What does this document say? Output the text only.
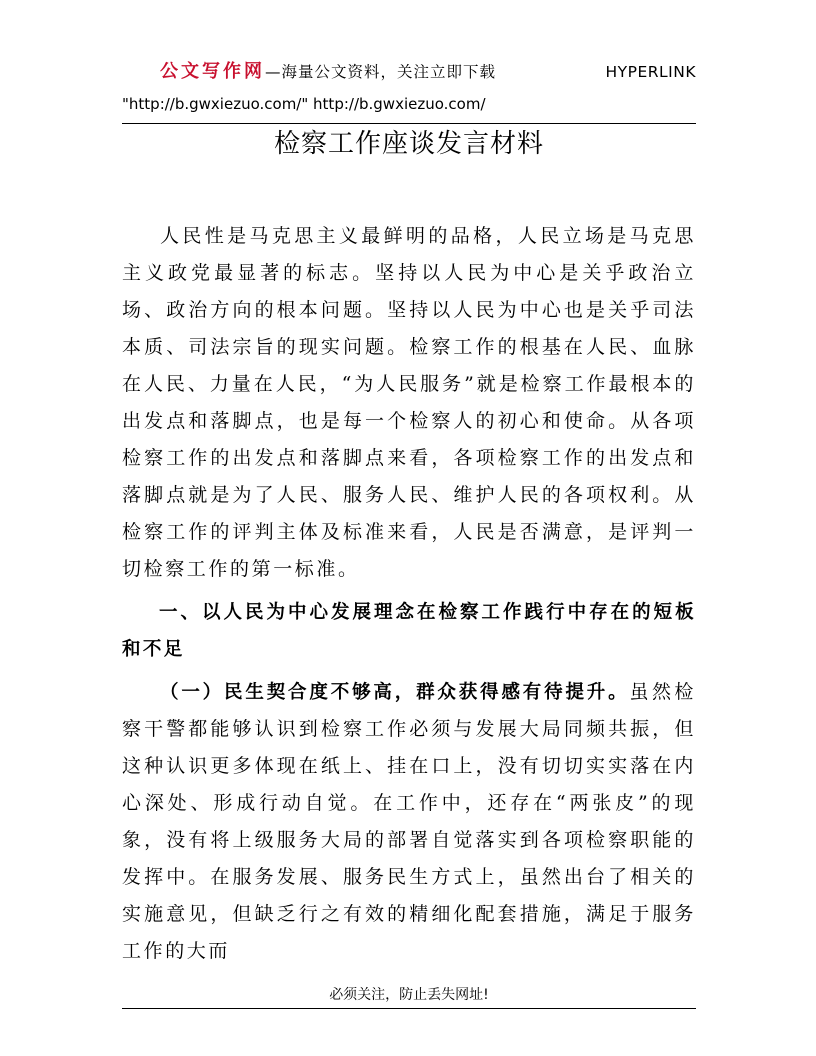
公文写作网—海量公文资料，关注立即下载	HYPERLINK
"http://b.gwxiezuo.com/" http://b.gwxiezuo.com/
检察工作座谈发言材料

人民性是马克思主义最鲜明的品格，人民立场是马克思主义政党最显著的标志。坚持以人民为中心是关乎政治立场、政治方向的根本问题。坚持以人民为中心也是关乎司法本质、司法宗旨的现实问题。检察工作的根基在人民、血脉在人民、力量在人民，“为人民服务”就是检察工作最根本的出发点和落脚点，也是每一个检察人的初心和使命。从各项检察工作的出发点和落脚点来看，各项检察工作的出发点和落脚点就是为了人民、服务人民、维护人民的各项权利。从检察工作的评判主体及标准来看，人民是否满意，是评判一切检察工作的第一标准。

一、以人民为中心发展理念在检察工作践行中存在的短板和不足

（一）民生契合度不够高，群众获得感有待提升。虽然检察干警都能够认识到检察工作必须与发展大局同频共振，但这种认识更多体现在纸上、挂在口上，没有切切实实落在内心深处、形成行动自觉。在工作中，还存在“两张皮”的现象，没有将上级服务大局的部署自觉落实到各项检察职能的发挥中。在服务发展、服务民生方式上，虽然出台了相关的实施意见，但缺乏行之有效的精细化配套措施，满足于服务工作的大而

必须关注，防止丢失网址!
